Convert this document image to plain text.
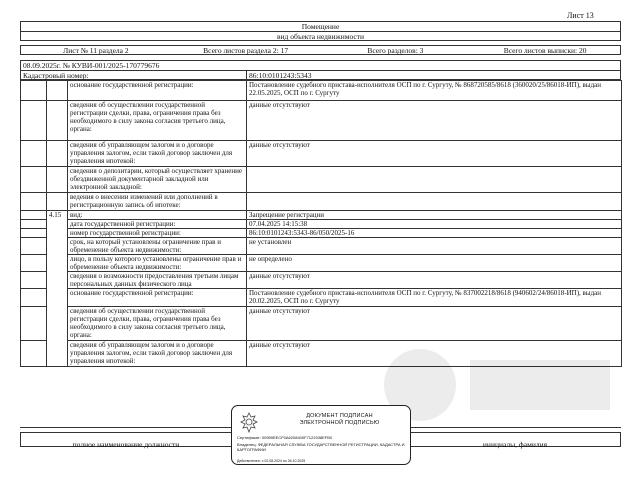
Лист 13
Помещение
вид объекта недвижимости
Лист № 11 раздела 2	Всего листов раздела 2: 17	Всего разделов: 3	Всего листов выписки: 20
08.09.2025г. № КУВИ-001/2025-170779676
Кадастровый номер:	86:10:0101243:5343
		основание государственной регистрации:	Постановление судебного пристава-исполнителя ОСП по г. Сургуту, № 868720585/8618 (360020/25/86018-ИП), выдан 22.05.2025, ОСП по г. Сургуту
		сведения об осуществлении государственной регистрации сделки, права, ограничения права без необходимого в силу закона согласия третьего лица, органа:	данные отсутствуют
		сведения об управляющем залогом и о договоре управления залогом, если такой договор заключен для управления ипотекой:	данные отсутствуют
		сведения о депозитарии, который осуществляет хранение обездвиженной документарной закладной или электронной закладной:	
		ведения о внесении изменений или дополнений в регистрационную запись об ипотеке:	
	4.15	вид:	Запрещение регистрации
		дата государственной регистрации:	07.04.2025 14:15:38
		номер государственной регистрации:	86:10:0101243:5343-86/050/2025-16
		срок, на который установлены ограничение прав и обременение объекта недвижимости:	не установлен
		лицо, в пользу которого установлены ограничение прав и обременение объекта недвижимости:	не определено
		сведения о возможности предоставления третьим лицам персональных данных физического лица	данные отсутствуют
		основание государственной регистрации:	Постановление судебного пристава-исполнителя ОСП по г. Сургуту, № 837002218/8618 (940602/24/86018-ИП), выдан 20.02.2025, ОСП по г. Сургуту
		сведения об осуществлении государственной регистрации сделки, права, ограничения права без необходимого в силу закона согласия третьего лица, органа:	данные отсутствуют
		сведения об управляющем залогом и о договоре управления залогом, если такой договор заключен для управления ипотекой:	данные отсутствуют
полное наименование должности	инициалы, фамилия
ДОКУМЕНТ ПОДПИСАН
ЭЛЕКТРОННОЙ ПОДПИСЬЮ
Сертификат: 00959EECF0A6208400F7122938EFB0
Владелец: ФЕДЕРАЛЬНАЯ СЛУЖБА ГОСУДАРСТВЕННОЙ РЕГИСТРАЦИИ, КАДАСТРА И КАРТОГРАФИИ
Действителен: с 02.08.2024 по 26.10.2025
